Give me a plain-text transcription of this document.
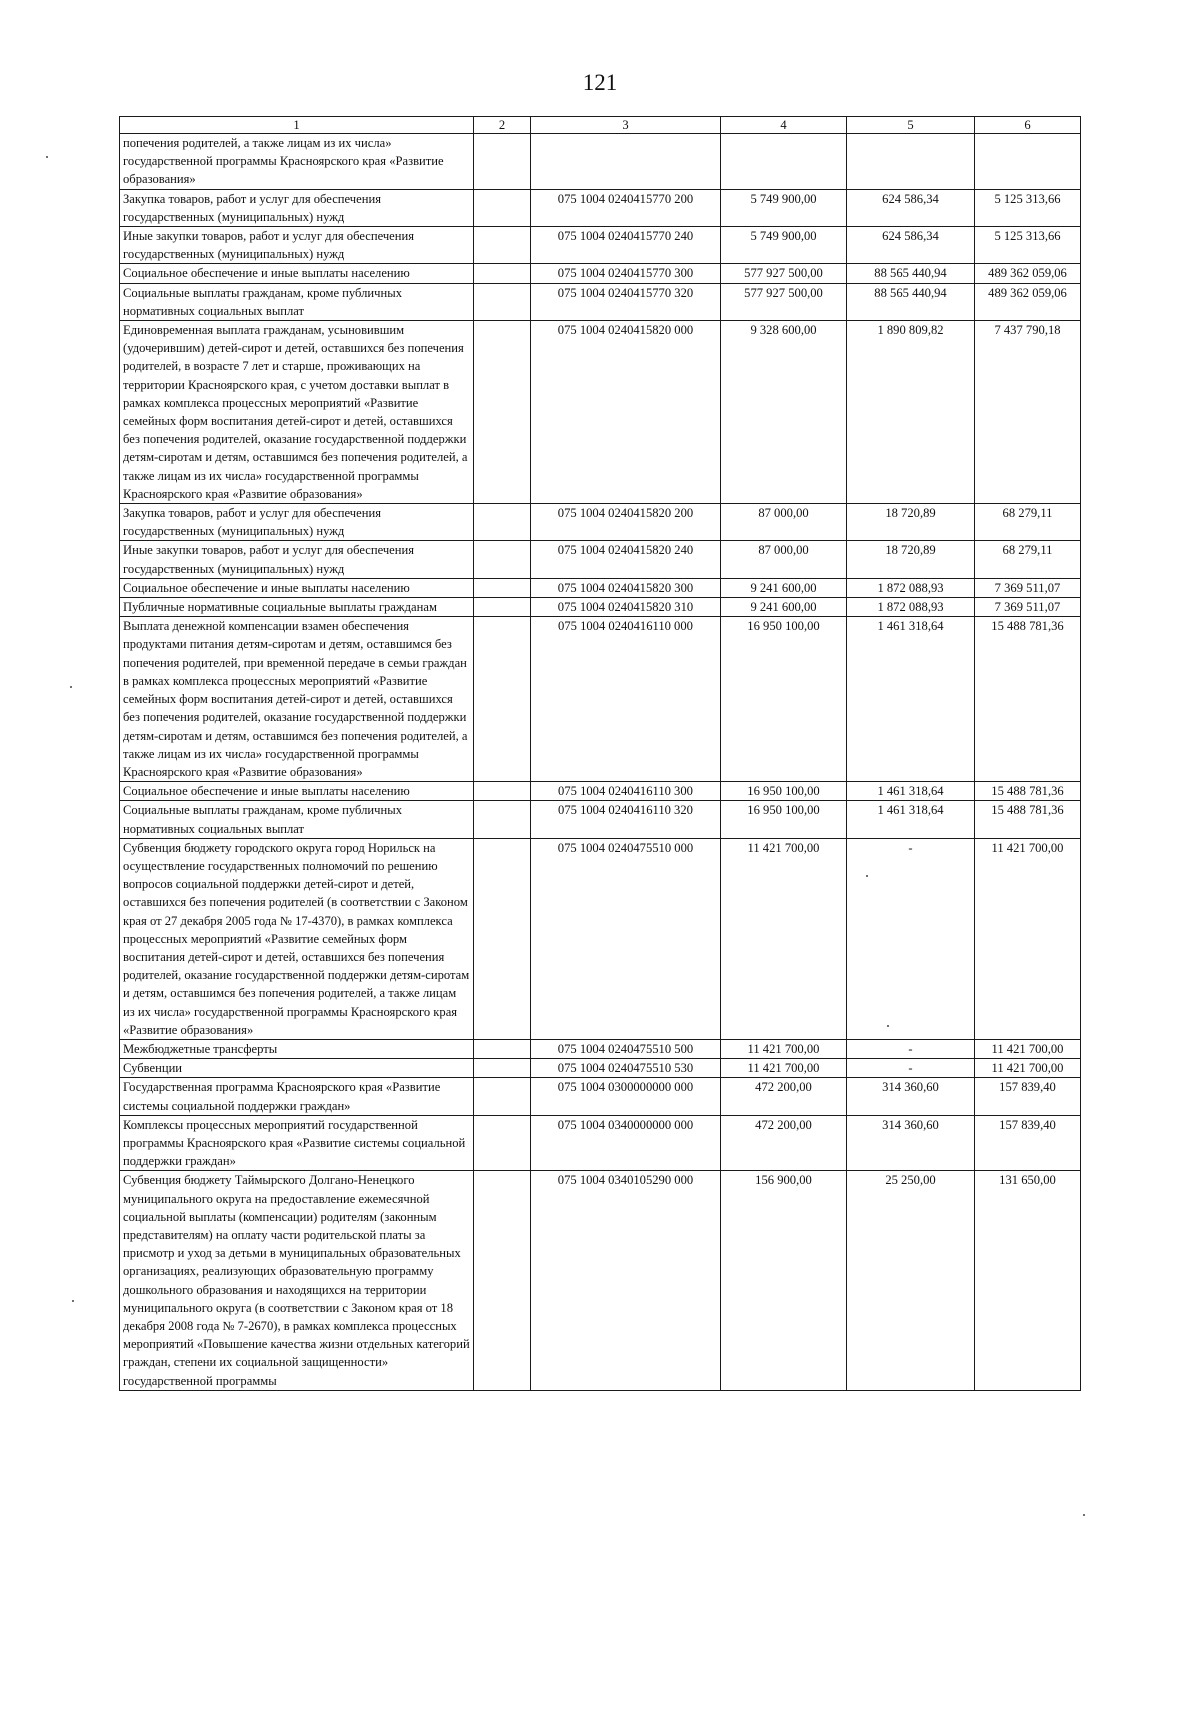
121
1	2	3	4	5	6
попечения родителей, а также лицам из их числа» государственной программы Красноярского края «Развитие образования»					
Закупка товаров, работ и услуг для обеспечения государственных (муниципальных) нужд		075 1004 0240415770 200	5 749 900,00	624 586,34	5 125 313,66
Иные закупки товаров, работ и услуг для обеспечения государственных (муниципальных) нужд		075 1004 0240415770 240	5 749 900,00	624 586,34	5 125 313,66
Социальное обеспечение и иные выплаты населению		075 1004 0240415770 300	577 927 500,00	88 565 440,94	489 362 059,06
Социальные выплаты гражданам, кроме публичных нормативных социальных выплат		075 1004 0240415770 320	577 927 500,00	88 565 440,94	489 362 059,06
Единовременная выплата гражданам, усыновившим (удочерившим) детей-сирот и детей, оставшихся без попечения родителей, в возрасте 7 лет и старше, проживающих на территории Красноярского края, с учетом доставки выплат в рамках комплекса процессных мероприятий «Развитие семейных форм воспитания детей-сирот и детей, оставшихся без попечения родителей, оказание государственной поддержки детям-сиротам и детям, оставшимся без попечения родителей, а также лицам из их числа» государственной программы Красноярского края «Развитие образования»		075 1004 0240415820 000	9 328 600,00	1 890 809,82	7 437 790,18
Закупка товаров, работ и услуг для обеспечения государственных (муниципальных) нужд		075 1004 0240415820 200	87 000,00	18 720,89	68 279,11
Иные закупки товаров, работ и услуг для обеспечения государственных (муниципальных) нужд		075 1004 0240415820 240	87 000,00	18 720,89	68 279,11
Социальное обеспечение и иные выплаты населению		075 1004 0240415820 300	9 241 600,00	1 872 088,93	7 369 511,07
Публичные нормативные социальные выплаты гражданам		075 1004 0240415820 310	9 241 600,00	1 872 088,93	7 369 511,07
Выплата денежной компенсации взамен обеспечения продуктами питания детям-сиротам и детям, оставшимся без попечения родителей, при временной передаче в семьи граждан в рамках комплекса процессных мероприятий «Развитие семейных форм воспитания детей-сирот и детей, оставшихся без попечения родителей, оказание государственной поддержки детям-сиротам и детям, оставшимся без попечения родителей, а также лицам из их числа» государственной программы Красноярского края «Развитие образования»		075 1004 0240416110 000	16 950 100,00	1 461 318,64	15 488 781,36
Социальное обеспечение и иные выплаты населению		075 1004 0240416110 300	16 950 100,00	1 461 318,64	15 488 781,36
Социальные выплаты гражданам, кроме публичных нормативных социальных выплат		075 1004 0240416110 320	16 950 100,00	1 461 318,64	15 488 781,36
Субвенция бюджету городского округа город Норильск на осуществление государственных полномочий по решению вопросов социальной поддержки детей-сирот и детей, оставшихся без попечения родителей (в соответствии с Законом края от 27 декабря 2005 года № 17-4370), в рамках комплекса процессных мероприятий «Развитие семейных форм воспитания детей-сирот и детей, оставшихся без попечения родителей, оказание государственной поддержки детям-сиротам и детям, оставшимся без попечения родителей, а также лицам из их числа» государственной программы Красноярского края «Развитие образования»		075 1004 0240475510 000	11 421 700,00	-	11 421 700,00
Межбюджетные трансферты		075 1004 0240475510 500	11 421 700,00	-	11 421 700,00
Субвенции		075 1004 0240475510 530	11 421 700,00	-	11 421 700,00
Государственная программа Красноярского края «Развитие системы социальной поддержки граждан»		075 1004 0300000000 000	472 200,00	314 360,60	157 839,40
Комплексы процессных мероприятий государственной программы Красноярского края «Развитие системы социальной поддержки граждан»		075 1004 0340000000 000	472 200,00	314 360,60	157 839,40
Субвенция бюджету Таймырского Долгано-Ненецкого муниципального округа на предоставление ежемесячной социальной выплаты (компенсации) родителям (законным представителям) на оплату части родительской платы за присмотр и уход за детьми в муниципальных образовательных организациях, реализующих образовательную программу дошкольного образования и находящихся на территории муниципального округа (в соответствии с Законом края от 18 декабря 2008 года № 7-2670), в рамках комплекса процессных мероприятий «Повышение качества жизни отдельных категорий граждан, степени их социальной защищенности» государственной программы		075 1004 0340105290 000	156 900,00	25 250,00	131 650,00
